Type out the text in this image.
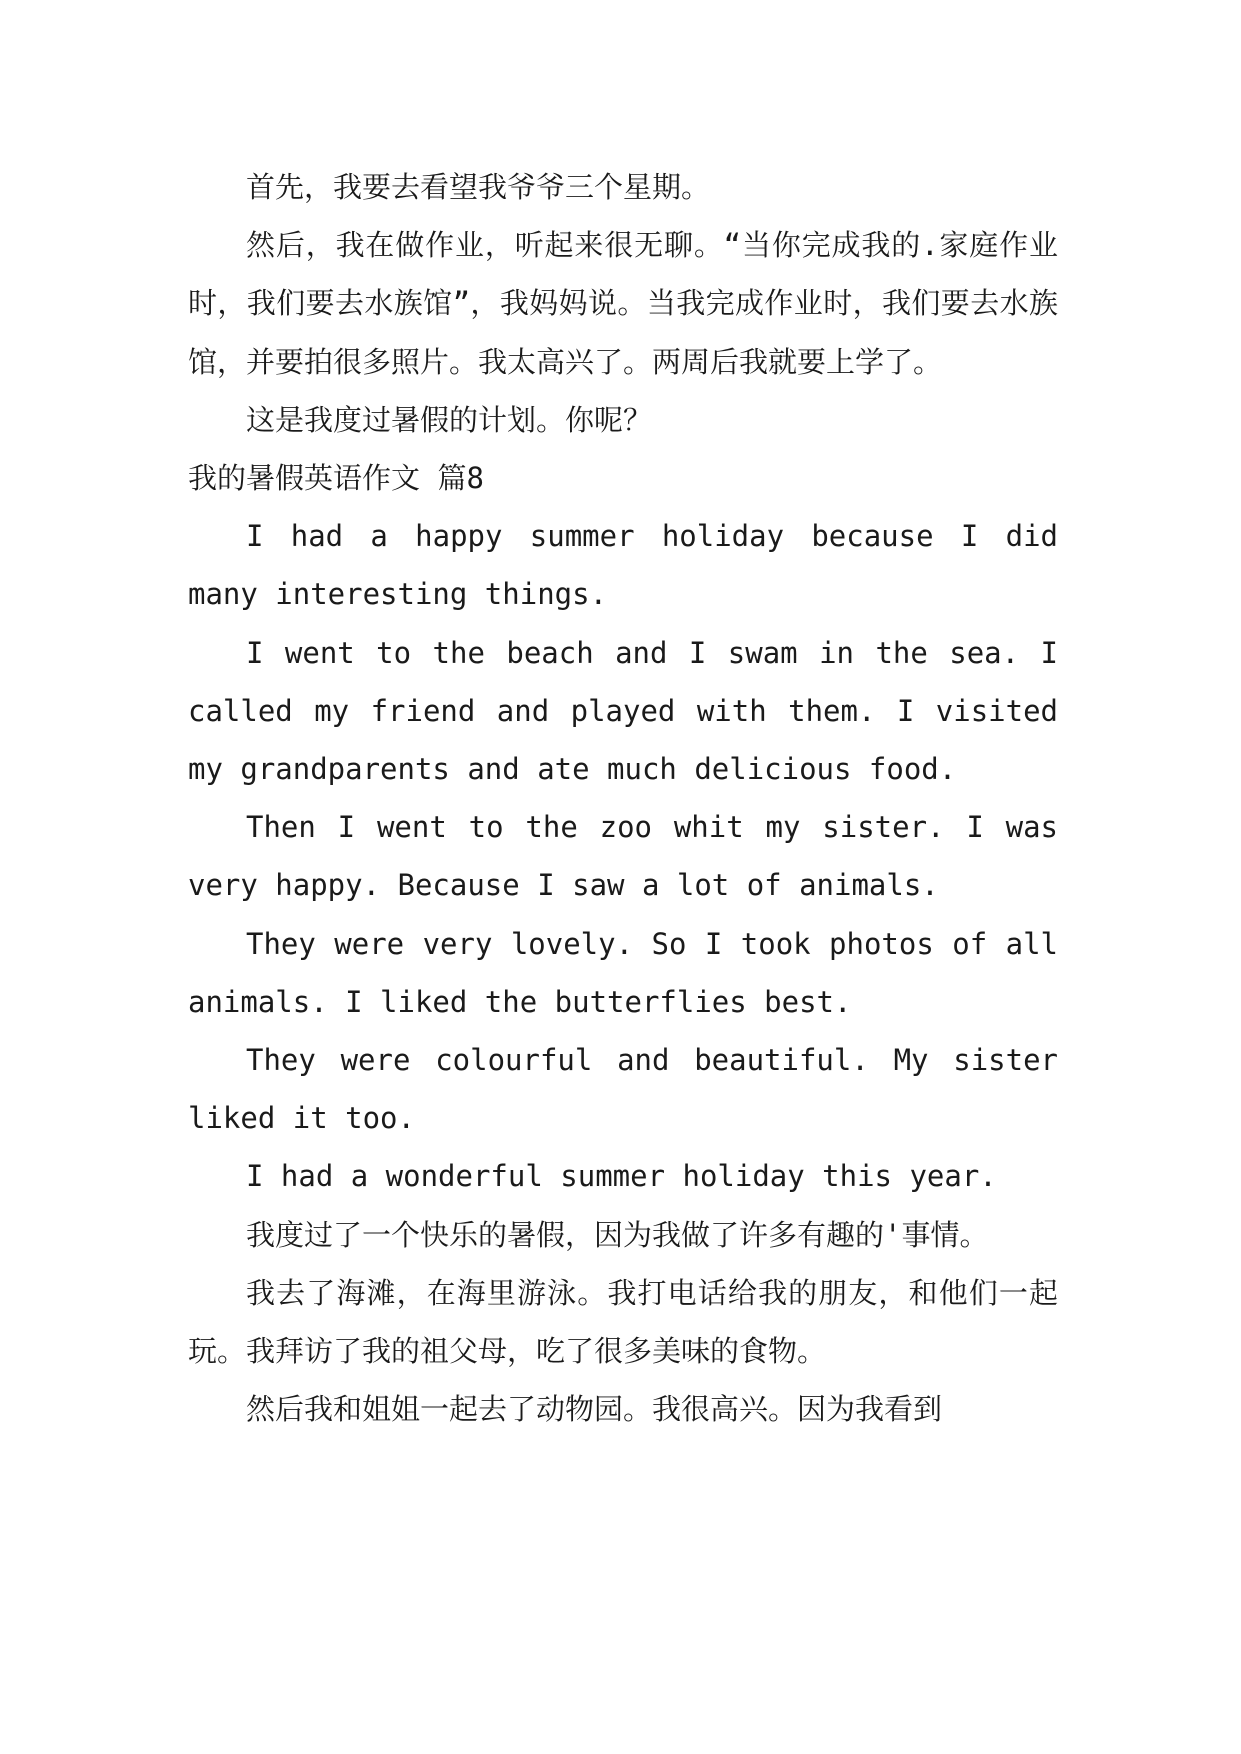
首先，我要去看望我爷爷三个星期。

然后，我在做作业，听起来很无聊。“当你完成我的.家庭作业时，我们要去水族馆”，我妈妈说。当我完成作业时，我们要去水族馆，并要拍很多照片。我太高兴了。两周后我就要上学了。

这是我度过暑假的计划。你呢？

我的暑假英语作文 篇8

I had a happy summer holiday because I did many interesting things.

I went to the beach and I swam in the sea. I called my friend and played with them. I visited my grandparents and ate much delicious food.

Then I went to the zoo whit my sister. I was very happy. Because I saw a lot of animals.

They were very lovely. So I took photos of all animals. I liked the butterflies best.

They were colourful and beautiful. My sister liked it too.

I had a wonderful summer holiday this year.

我度过了一个快乐的暑假，因为我做了许多有趣的'事情。

我去了海滩，在海里游泳。我打电话给我的朋友，和他们一起玩。我拜访了我的祖父母，吃了很多美味的食物。

然后我和姐姐一起去了动物园。我很高兴。因为我看到
